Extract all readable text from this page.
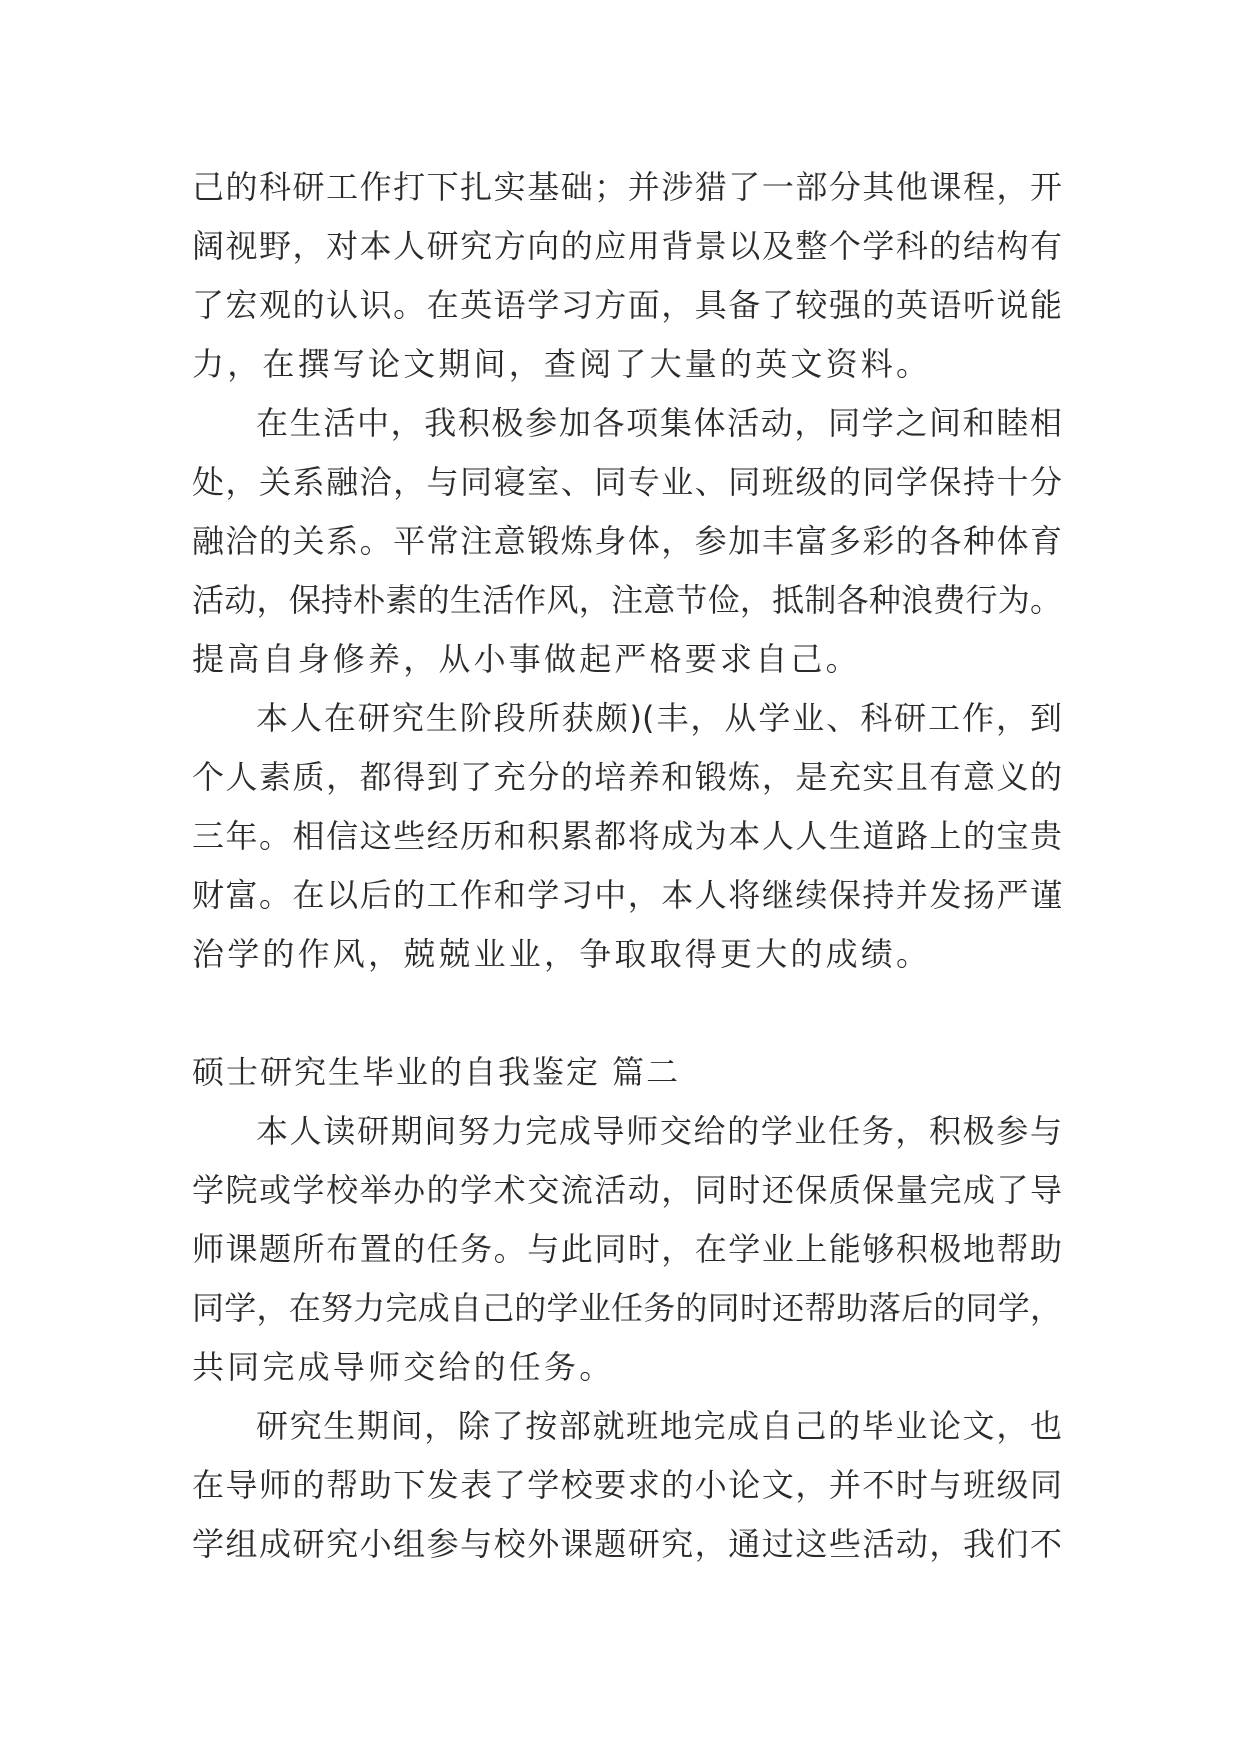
己的科研工作打下扎实基础；并涉猎了一部分其他课程，开
阔视野，对本人研究方向的应用背景以及整个学科的结构有
了宏观的认识。在英语学习方面，具备了较强的英语听说能
力，在撰写论文期间，查阅了大量的英文资料。
在生活中，我积极参加各项集体活动，同学之间和睦相
处，关系融洽，与同寝室、同专业、同班级的同学保持十分
融洽的关系。平常注意锻炼身体，参加丰富多彩的各种体育
活动，保持朴素的生活作风，注意节俭，抵制各种浪费行为。
提高自身修养，从小事做起严格要求自己。
本人在研究生阶段所获颇)(丰，从学业、科研工作，到
个人素质，都得到了充分的培养和锻炼，是充实且有意义的
三年。相信这些经历和积累都将成为本人人生道路上的宝贵
财富。在以后的工作和学习中，本人将继续保持并发扬严谨
治学的作风，兢兢业业，争取取得更大的成绩。
硕士研究生毕业的自我鉴定 篇二
本人读研期间努力完成导师交给的学业任务，积极参与
学院或学校举办的学术交流活动，同时还保质保量完成了导
师课题所布置的任务。与此同时，在学业上能够积极地帮助
同学，在努力完成自己的学业任务的同时还帮助落后的同学，
共同完成导师交给的任务。
研究生期间，除了按部就班地完成自己的毕业论文，也
在导师的帮助下发表了学校要求的小论文，并不时与班级同
学组成研究小组参与校外课题研究，通过这些活动，我们不
